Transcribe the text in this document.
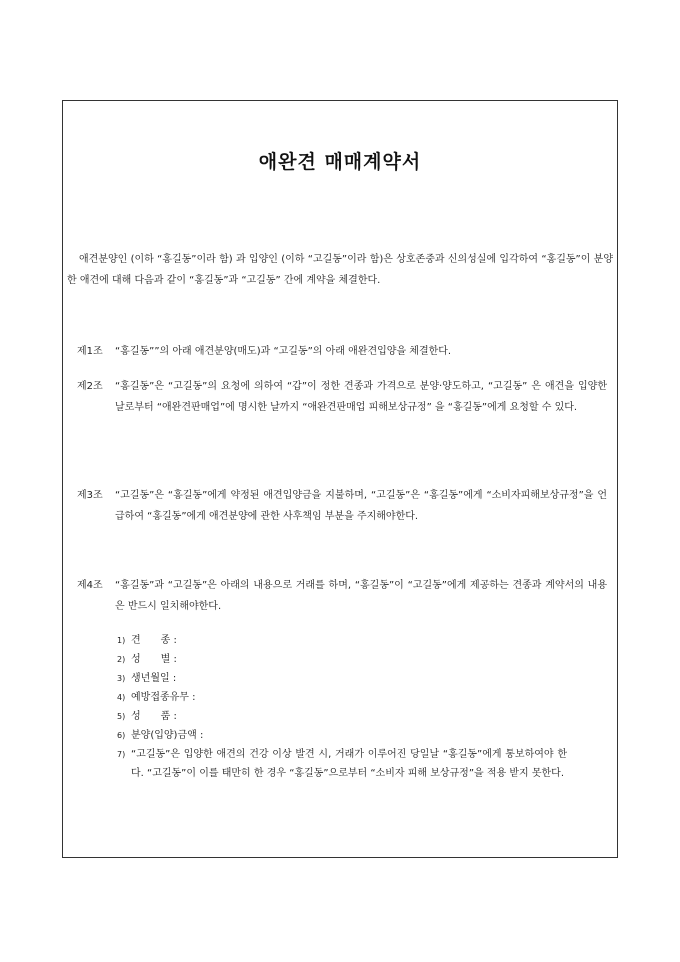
애완견 매매계약서
애견분양인 (이하 “홍길동”이라 함) 과 입양인 (이하 “고길동”이라 함)은 상호존중과 신의성실에 입각하여 “홍길동”이 분양한 애견에 대해 다음과 같이 “홍길동”과 “고길동” 간에 계약을 체결한다.
제1조	“홍길동””의 아래 애견분양(매도)과 “고길동”의 아래 애완견입양을 체결한다.
제2조	“홍길동”은 “고길동”의 요청에 의하여 “갑”이 정한 견종과 가격으로 분양·양도하고, “고길동” 은 애견을 입양한 날로부터 “애완견판매업”에 명시한 날까지 “애완견판매업 피해보상규정” 을 “홍길동”에게 요청할 수 있다.
제3조	“고길동”은 “홍길동”에게 약정된 애견입양금을 지불하며, “고길동”은 “홍길동”에게 “소비자피해보상규정”을 언급하여 “홍길동”에게 애견분양에 관한 사후책임 부분을 주지해야한다.
제4조	“홍길동”과 “고길동”은 아래의 내용으로 거래를 하며, “홍길동”이 “고길동”에게 제공하는 견종과 계약서의 내용은 반드시 일치해야한다.
1) 견　　종 :
2) 성　　별 :
3) 생년월일 :
4) 예방접종유무 :
5) 성　　품 :
6) 분양(입양)금액 :
7) “고길동”은 입양한 애견의 건강 이상 발견 시, 거래가 이루어진 당일날 “홍길동”에게 통보하여야 한다. “고길동”이 이를 태만히 한 경우 “홍길동”으로부터 “소비자 피해 보상규정”을 적용 받지 못한다.
